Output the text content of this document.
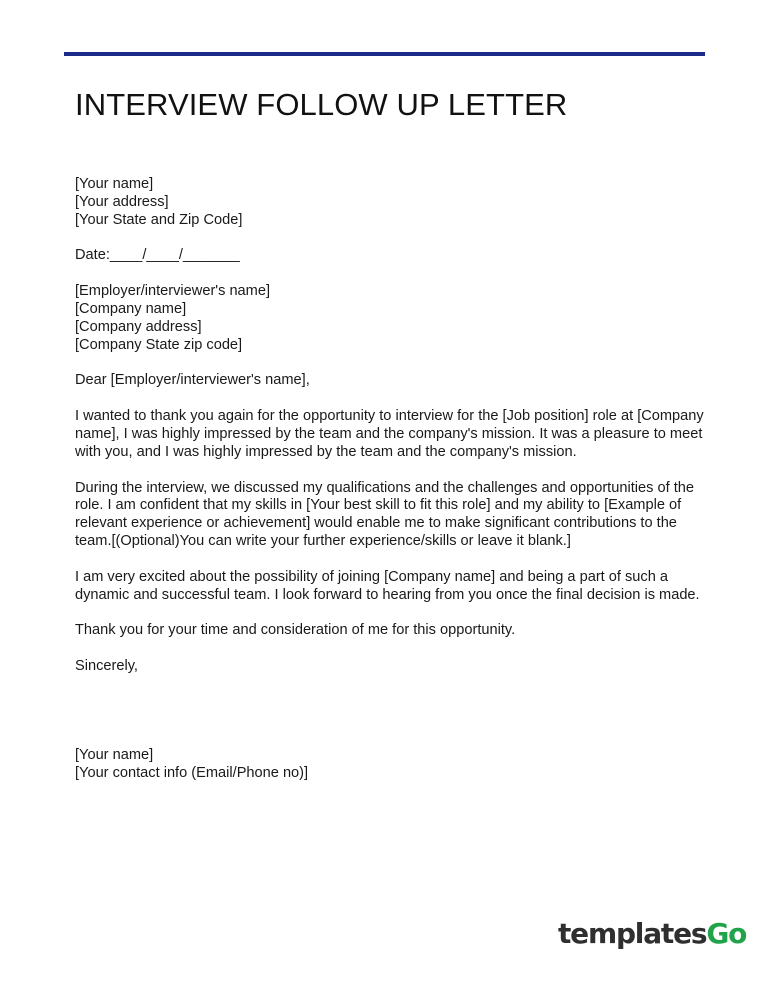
INTERVIEW FOLLOW UP LETTER

[Your name]

[Your address]

[Your State and Zip Code]

Date:____/____/_______

[Employer/interviewer's name]

[Company name]

[Company address]

[Company State zip code]

Dear [Employer/interviewer's name],

I wanted to thank you again for the opportunity to interview for the [Job position] role at [Company name], I was highly impressed by the team and the company's mission. It was a pleasure to meet with you, and I was highly impressed by the team and the company's mission.

During the interview, we discussed my qualifications and the challenges and opportunities of the role. I am confident that my skills in [Your best skill to fit this role] and my ability to [Example of relevant experience or achievement] would enable me to make significant contributions to the team.[(Optional)You can write your further experience/skills or leave it blank.]

I am very excited about the possibility of joining [Company name] and being a part of such a dynamic and successful team. I look forward to hearing from you once the final decision is made.

Thank you for your time and consideration of me for this opportunity.

Sincerely,

[Your name]

[Your contact info (Email/Phone no)]

templatesGo
